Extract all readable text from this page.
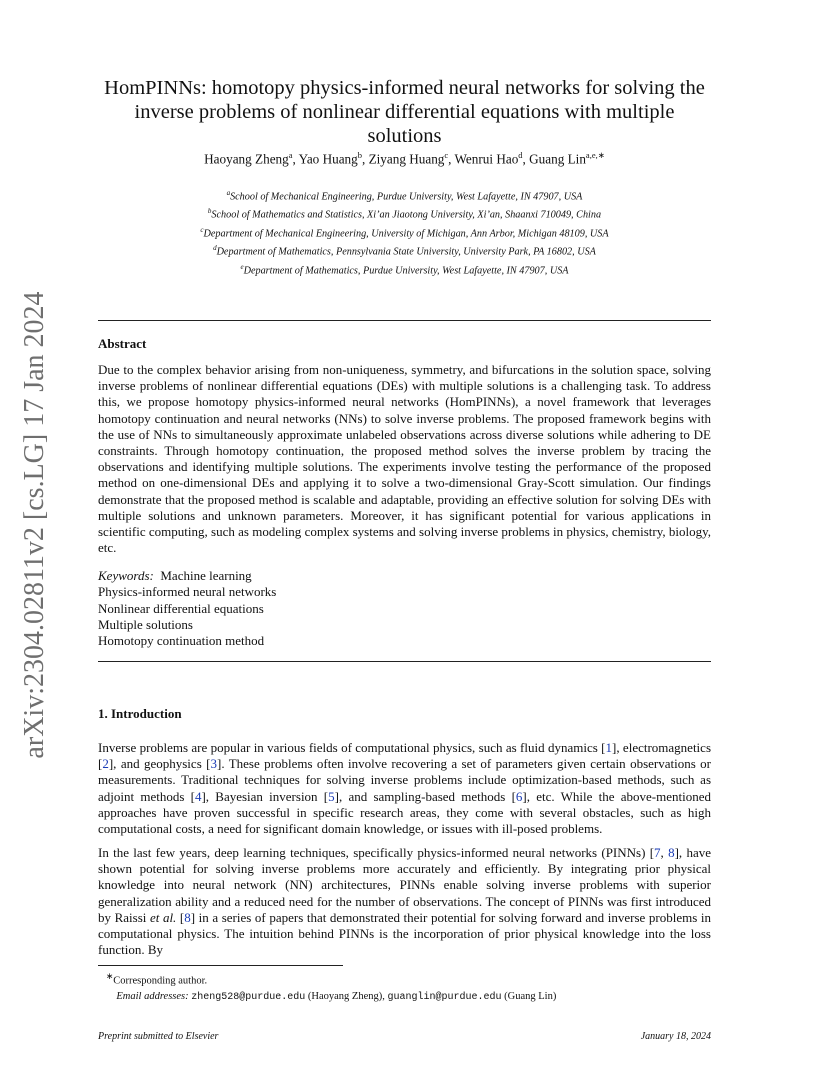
arXiv:2304.02811v2 [cs.LG] 17 Jan 2024
HomPINNs: homotopy physics-informed neural networks for solving the
inverse problems of nonlinear differential equations with multiple solutions
Haoyang Zheng$^a$, Yao Huang$^b$, Ziyang Huang$^c$, Wenrui Hao$^d$, Guang Lin$^{a,e,∗}$
$^a$School of Mechanical Engineering, Purdue University, West Lafayette, IN 47907, USA
$^b$School of Mathematics and Statistics, Xi’an Jiaotong University, Xi’an, Shaanxi 710049, China
$^c$Department of Mechanical Engineering, University of Michigan, Ann Arbor, Michigan 48109, USA
$^d$Department of Mathematics, Pennsylvania State University, University Park, PA 16802, USA
$^e$Department of Mathematics, Purdue University, West Lafayette, IN 47907, USA
Abstract

Due to the complex behavior arising from non-uniqueness, symmetry, and bifurcations in the solution space, solving inverse problems of nonlinear differential equations (DEs) with multiple solutions is a challenging task. To address this, we propose homotopy physics-informed neural networks (HomPINNs), a novel framework that leverages homotopy continuation and neural networks (NNs) to solve inverse problems. The proposed framework begins with the use of NNs to simultaneously approximate unlabeled observations across diverse solutions while adhering to DE constraints. Through homotopy continuation, the proposed method solves the inverse problem by tracing the observations and identifying multiple solutions. The experiments involve testing the performance of the proposed method on one-dimensional DEs and applying it to solve a two-dimensional Gray-Scott simulation. Our findings demonstrate that the proposed method is scalable and adaptable, providing an effective solution for solving DEs with multiple solutions and unknown parameters. Moreover, it has significant potential for various applications in scientific computing, such as modeling complex systems and solving inverse problems in physics, chemistry, biology, etc.

Keywords: Machine learning
Physics-informed neural networks
Nonlinear differential equations
Multiple solutions
Homotopy continuation method
1. Introduction

Inverse problems are popular in various fields of computational physics, such as fluid dynamics [1], electromagnetics [2], and geophysics [3]. These problems often involve recovering a set of parameters given certain observations or measurements. Traditional techniques for solving inverse problems include optimization-based methods, such as adjoint methods [4], Bayesian inversion [5], and sampling-based methods [6], etc. While the above-mentioned approaches have proven successful in specific research areas, they come with several obstacles, such as high computational costs, a need for significant domain knowledge, or issues with ill-posed problems.

In the last few years, deep learning techniques, specifically physics-informed neural networks (PINNs) [7, 8], have shown potential for solving inverse problems more accurately and efficiently. By integrating prior physical knowledge into neural network (NN) architectures, PINNs enable solving inverse problems with superior generalization ability and a reduced need for the number of observations. The concept of PINNs was first introduced by Raissi et al. [8] in a series of papers that demonstrated their potential for solving forward and inverse problems in computational physics. The intuition behind PINNs is the incorporation of prior physical knowledge into the loss function. By

∗Corresponding author.
Email addresses: zheng528@purdue.edu (Haoyang Zheng), guanglin@purdue.edu (Guang Lin)
Preprint submitted to Elsevier	January 18, 2024
